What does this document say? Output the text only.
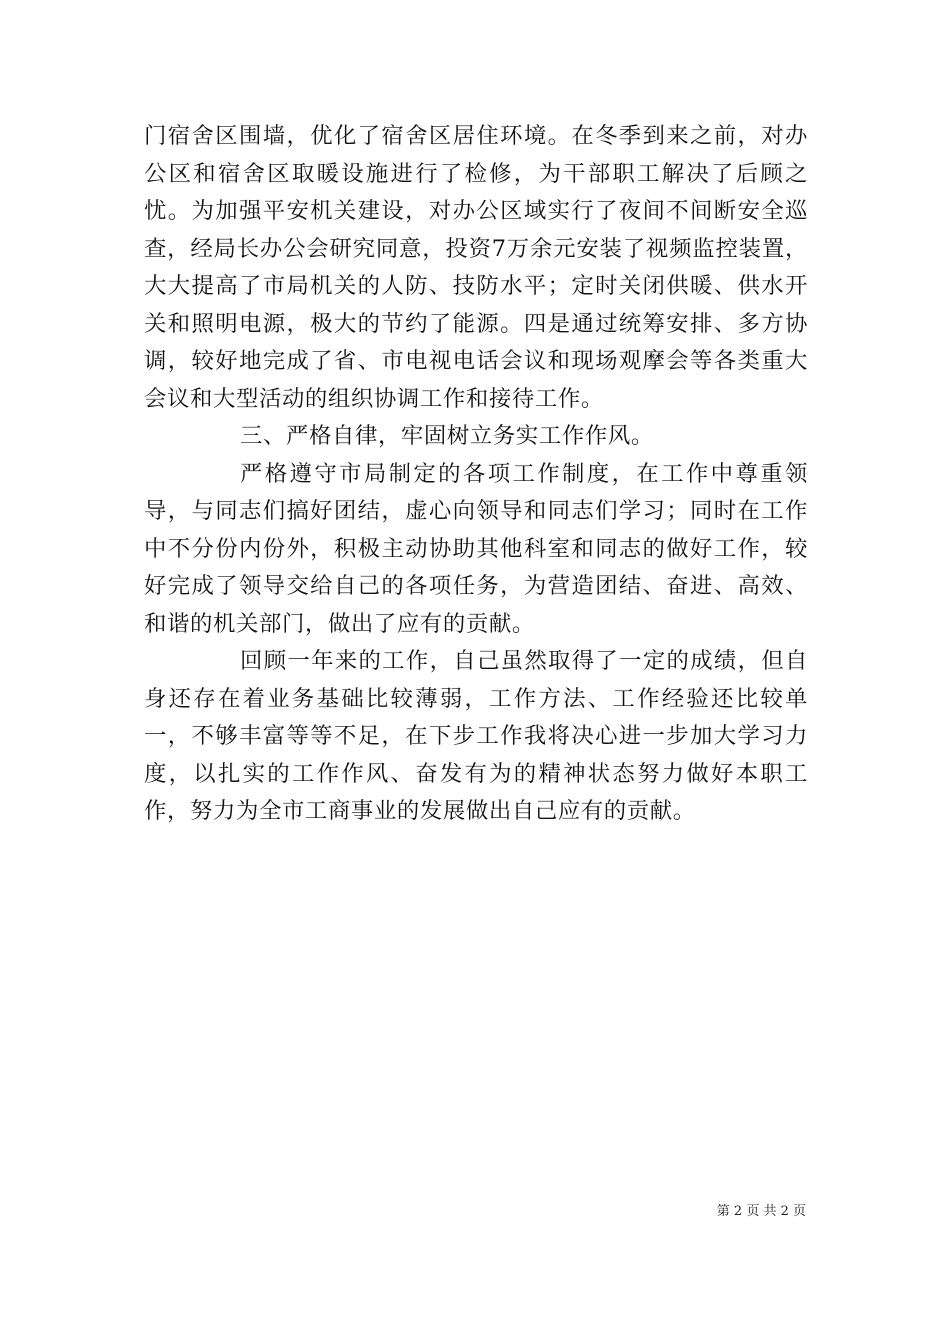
门宿舍区围墙，优化了宿舍区居住环境。在冬季到来之前，对办公区和宿舍区取暖设施进行了检修，为干部职工解决了后顾之忧。为加强平安机关建设，对办公区域实行了夜间不间断安全巡查，经局长办公会研究同意，投资7万余元安装了视频监控装置，大大提高了市局机关的人防、技防水平；定时关闭供暖、供水开关和照明电源，极大的节约了能源。四是通过统筹安排、多方协调，较好地完成了省、市电视电话会议和现场观摩会等各类重大会议和大型活动的组织协调工作和接待工作。

三、严格自律，牢固树立务实工作作风。

严格遵守市局制定的各项工作制度，在工作中尊重领导，与同志们搞好团结，虚心向领导和同志们学习；同时在工作中不分份内份外，积极主动协助其他科室和同志的做好工作，较好完成了领导交给自己的各项任务，为营造团结、奋进、高效、和谐的机关部门，做出了应有的贡献。

回顾一年来的工作，自己虽然取得了一定的成绩，但自身还存在着业务基础比较薄弱，工作方法、工作经验还比较单一，不够丰富等等不足，在下步工作我将决心进一步加大学习力度，以扎实的工作作风、奋发有为的精神状态努力做好本职工作，努力为全市工商事业的发展做出自己应有的贡献。

第 2 页 共 2 页
